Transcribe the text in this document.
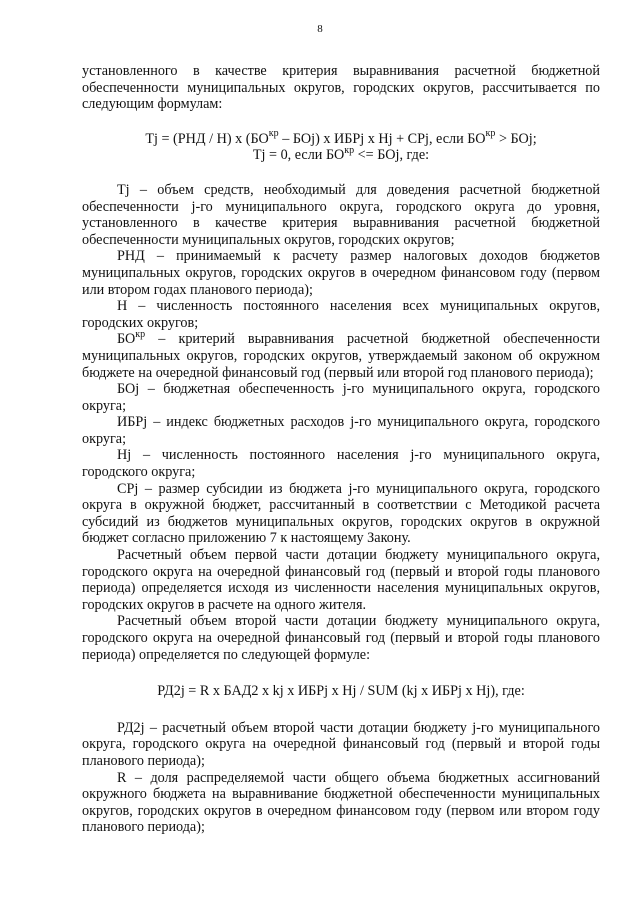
8

установленного в качестве критерия выравнивания расчетной бюджетной обеспеченности муниципальных округов, городских округов, рассчитывается по следующим формулам:

Tj = (РНД / Н) х $(БО^{кр} - БОj)$ х ИБРj х Hj + СPj, если $БО^{кр}$ > БОj;

Tj = 0, если $БО^{кр}$ <= БОj, где:

Tj – объем средств, необходимый для доведения расчетной бюджетной обеспеченности j-го муниципального округа, городского округа до уровня, установленного в качестве критерия выравнивания расчетной бюджетной обеспеченности муниципальных округов, городских округов;

РНД – принимаемый к расчету размер налоговых доходов бюджетов муниципальных округов, городских округов в очередном финансовом году (первом или втором годах планового периода);

Н – численность постоянного населения всех муниципальных округов, городских округов;

$БО^{кр}$ – критерий выравнивания расчетной бюджетной обеспеченности муниципальных округов, городских округов, утверждаемый законом об окружном бюджете на очередной финансовый год (первый или второй год планового периода);

БОj – бюджетная обеспеченность j-го муниципального округа, городского округа;

ИБРj – индекс бюджетных расходов j-го муниципального округа, городского округа;

Hj – численность постоянного населения j-го муниципального округа, городского округа;

СPj – размер субсидии из бюджета j-го муниципального округа, городского округа в окружной бюджет, рассчитанный в соответствии с Методикой расчета субсидий из бюджетов муниципальных округов, городских округов в окружной бюджет согласно приложению 7 к настоящему Закону.

Расчетный объем первой части дотации бюджету муниципального округа, городского округа на очередной финансовый год (первый и второй годы планового периода) определяется исходя из численности населения муниципальных округов, городских округов в расчете на одного жителя.

Расчетный объем второй части дотации бюджету муниципального округа, городского округа на очередной финансовый год (первый и второй годы планового периода) определяется по следующей формуле:

РД2j = R х БАД2 х kj х ИБРj х Hj / SUM (kj х ИБРj х Hj), где:

РД2j – расчетный объем второй части дотации бюджету j-го муниципального округа, городского округа на очередной финансовый год (первый и второй годы планового периода);

R – доля распределяемой части общего объема бюджетных ассигнований окружного бюджета на выравнивание бюджетной обеспеченности муниципальных округов, городских округов в очередном финансовом году (первом или втором году планового периода);
